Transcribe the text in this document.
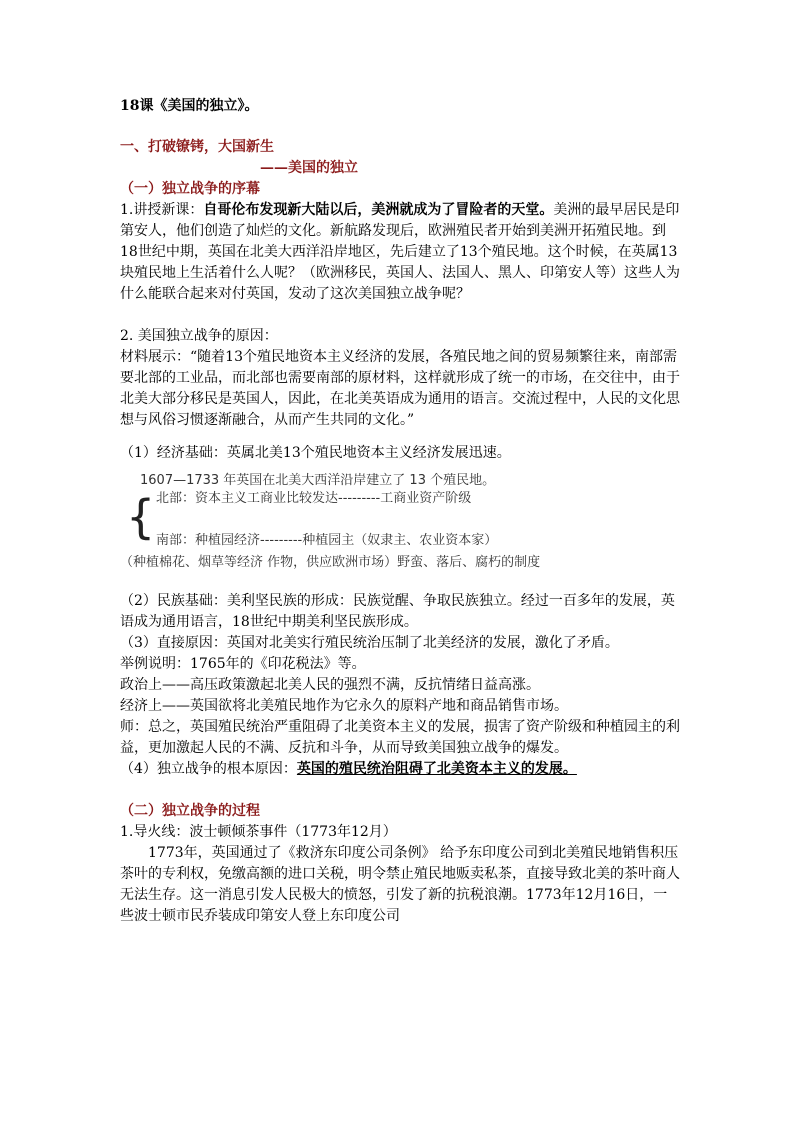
18课《美国的独立》。

一、打破镣铐，大国新生

——美国的独立

（一）独立战争的序幕

1.讲授新课：自哥伦布发现新大陆以后，美洲就成为了冒险者的天堂。美洲的最早居民是印第安人，他们创造了灿烂的文化。新航路发现后，欧洲殖民者开始到美洲开拓殖民地。到18世纪中期，英国在北美大西洋沿岸地区，先后建立了13个殖民地。这个时候，在英属13块殖民地上生活着什么人呢？（欧洲移民，英国人、法国人、黑人、印第安人等）这些人为什么能联合起来对付英国，发动了这次美国独立战争呢？

2. 美国独立战争的原因：

材料展示：“随着13个殖民地资本主义经济的发展，各殖民地之间的贸易频繁往来，南部需要北部的工业品，而北部也需要南部的原材料，这样就形成了统一的市场，在交往中，由于北美大部分移民是英国人，因此，在北美英语成为通用的语言。交流过程中，人民的文化思想与风俗习惯逐渐融合，从而产生共同的文化。”

（1）经济基础：英属北美13个殖民地资本主义经济发展迅速。

1607—1733 年英国在北美大西洋沿岸建立了 13 个殖民地。
{ 北部：资本主义工商业比较发达---------工商业资产阶级
南部：种植园经济---------种植园主（奴隶主、农业资本家）
（种植棉花、烟草等经济 作物，供应欧洲市场）野蛮、落后、腐朽的制度

（2）民族基础：美利坚民族的形成：民族觉醒、争取民族独立。经过一百多年的发展，英语成为通用语言，18世纪中期美利坚民族形成。

（3）直接原因：英国对北美实行殖民统治压制了北美经济的发展，激化了矛盾。

举例说明：1765年的《印花税法》等。

政治上——高压政策激起北美人民的强烈不满，反抗情绪日益高涨。

经济上——英国欲将北美殖民地作为它永久的原料产地和商品销售市场。

师：总之，英国殖民统治严重阻碍了北美资本主义的发展，损害了资产阶级和种植园主的利益，更加激起人民的不满、反抗和斗争，从而导致美国独立战争的爆发。

（4）独立战争的根本原因：英国的殖民统治阻碍了北美资本主义的发展。

（二）独立战争的过程

1.导火线：波士顿倾茶事件（1773年12月）

1773年，英国通过了《救济东印度公司条例》 给予东印度公司到北美殖民地销售积压茶叶的专利权，免缴高额的进口关税，明令禁止殖民地贩卖私茶，直接导致北美的茶叶商人无法生存。这一消息引发人民极大的愤怒，引发了新的抗税浪潮。1773年12月16日，一些波士顿市民乔装成印第安人登上东印度公司
